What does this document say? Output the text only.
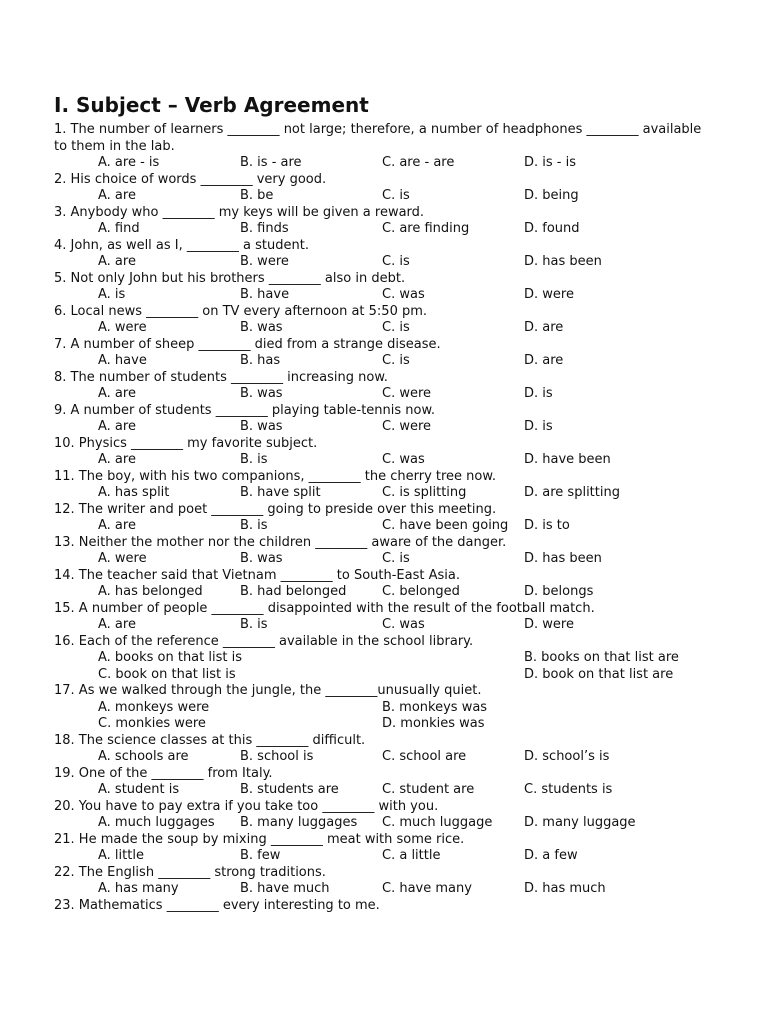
I. Subject – Verb Agreement
1. The number of learners ________ not large; therefore, a number of headphones ________ available to them in the lab.
A. are - is	B. is - are	C. are - are	D. is - is
2. His choice of words ________ very good.
A. are	B. be	C. is	D. being
3. Anybody who ________ my keys will be given a reward.
A. find	B. finds	C. are finding	D. found
4. John, as well as I, ________ a student.
A. are	B. were	C. is	D. has been
5. Not only John but his brothers ________ also in debt.
A. is	B. have	C. was	D. were
6. Local news ________ on TV every afternoon at 5:50 pm.
A. were	B. was	C. is	D. are
7. A number of sheep ________ died from a strange disease.
A. have	B. has	C. is	D. are
8. The number of students ________ increasing now.
A. are	B. was	C. were	D. is
9. A number of students ________ playing table-tennis now.
A. are	B. was	C. were	D. is
10. Physics ________ my favorite subject.
A. are	B. is	C. was	D. have been
11. The boy, with his two companions, ________ the cherry tree now.
A. has split	B. have split	C. is splitting	D. are splitting
12. The writer and poet ________ going to preside over this meeting.
A. are	B. is	C. have been going D. is to
13. Neither the mother nor the children ________ aware of the danger.
A. were	B. was	C. is	D. has been
14. The teacher said that Vietnam ________ to South-East Asia.
A. has belonged	B. had belonged	C. belonged	D. belongs
15. A number of people ________ disappointed with the result of the football match.
A. are	B. is	C. was	D. were
16. Each of the reference ________ available in the school library.
A. books on that list is	B. books on that list are
C. book on that list is	D. book on that list are
17. As we walked through the jungle, the ________unusually quiet.
A. monkeys were	B. monkeys was
C. monkies were	D. monkies was
18. The science classes at this ________ difficult.
A. schools are	B. school is	C. school are	D. school’s is
19. One of the ________ from Italy.
A. student is	B. students are	C. student are	C. students is
20. You have to pay extra if you take too ________ with you.
A. much luggages B. many luggages C. much luggage D. many luggage
21. He made the soup by mixing ________ meat with some rice.
A. little	B. few	C. a little	D. a few
22. The English ________ strong traditions.
A. has many	B. have much	C. have many	D. has much
23. Mathematics ________ every interesting to me.
